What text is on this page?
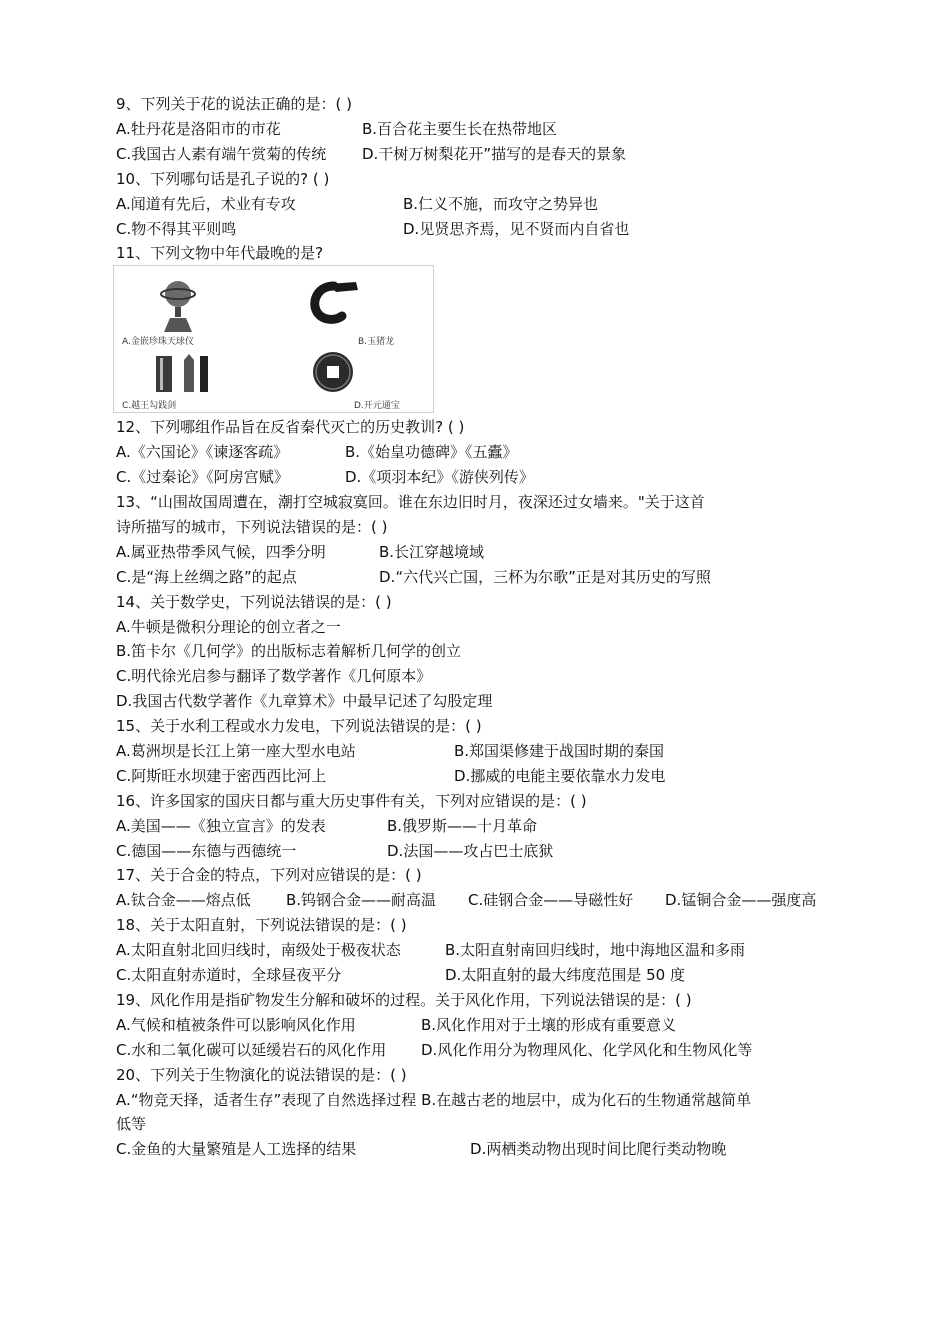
9、下列关于花的说法正确的是：( )
A.牡丹花是洛阳市的市花	B.百合花主要生长在热带地区
C.我国古人素有端午赏菊的传统 D.干树万树梨花开”描写的是春天的景象
10、下列哪句话是孔子说的? ( )
A.闻道有先后，术业有专攻	B.仁义不施，而攻守之势异也
C.物不得其平则鸣	D.见贤思齐焉，见不贤而内自省也
11、下列文物中年代最晚的是?
A.金嵌珍珠天球仪	B.玉猪龙
C.越王勾践剑	D.开元通宝
12、下列哪组作品旨在反省秦代灭亡的历史教训? ( )
A.《六国论》《谏逐客疏》	B.《始皇功德碑》《五蠹》
C.《过秦论》《阿房宫赋》	D.《项羽本纪》《游侠列传》
13、“山围故国周遭在，潮打空城寂寞回。谁在东边旧时月，夜深还过女墙来。"关于这首
诗所描写的城市，下列说法错误的是：( )
A.属亚热带季风气候，四季分明	B.长江穿越境域
C.是“海上丝绸之路”的起点	D.“六代兴亡国，三杯为尔歌”正是对其历史的写照
14、关于数学史，下列说法错误的是：( )
A.牛顿是微积分理论的创立者之一
B.笛卡尔《几何学》的出版标志着解析几何学的创立
C.明代徐光启参与翻译了数学著作《几何原本》
D.我国古代数学著作《九章算术》中最早记述了勾股定理
15、关于水利工程或水力发电，下列说法错误的是：( )
A.葛洲坝是长江上第一座大型水电站	B.郑国渠修建于战国时期的秦国
C.阿斯旺水坝建于密西西比河上	D.挪威的电能主要依靠水力发电
16、许多国家的国庆日都与重大历史事件有关，下列对应错误的是：( )
A.美国——《独立宣言》的发表	B.俄罗斯——十月革命
C.德国——东德与西德统一	D.法国——攻占巴士底狱
17、关于合金的特点，下列对应错误的是：( )
A.钛合金——熔点低 B.钨钢合金——耐高温 C.硅钢合金——导磁性好 D.锰铜合金——强度高
18、关于太阳直射，下列说法错误的是：( )
A.太阳直射北回归线时，南级处于极夜状态	B.太阳直射南回归线时，地中海地区温和多雨
C.太阳直射赤道时，全球昼夜平分	D.太阳直射的最大纬度范围是 50 度
19、风化作用是指矿物发生分解和破坏的过程。关于风化作用，下列说法错误的是：( )
A.气候和植被条件可以影响风化作用	B.风化作用对于土壤的形成有重要意义
C.水和二氧化碳可以延缓岩石的风化作用 D.风化作用分为物理风化、化学风化和生物风化等
20、下列关于生物演化的说法错误的是：( )
A.“物竞天择，适者生存”表现了自然选择过程 B.在越古老的地层中，成为化石的生物通常越简单
低等
C.金鱼的大量繁殖是人工选择的结果	D.两栖类动物出现时间比爬行类动物晚
